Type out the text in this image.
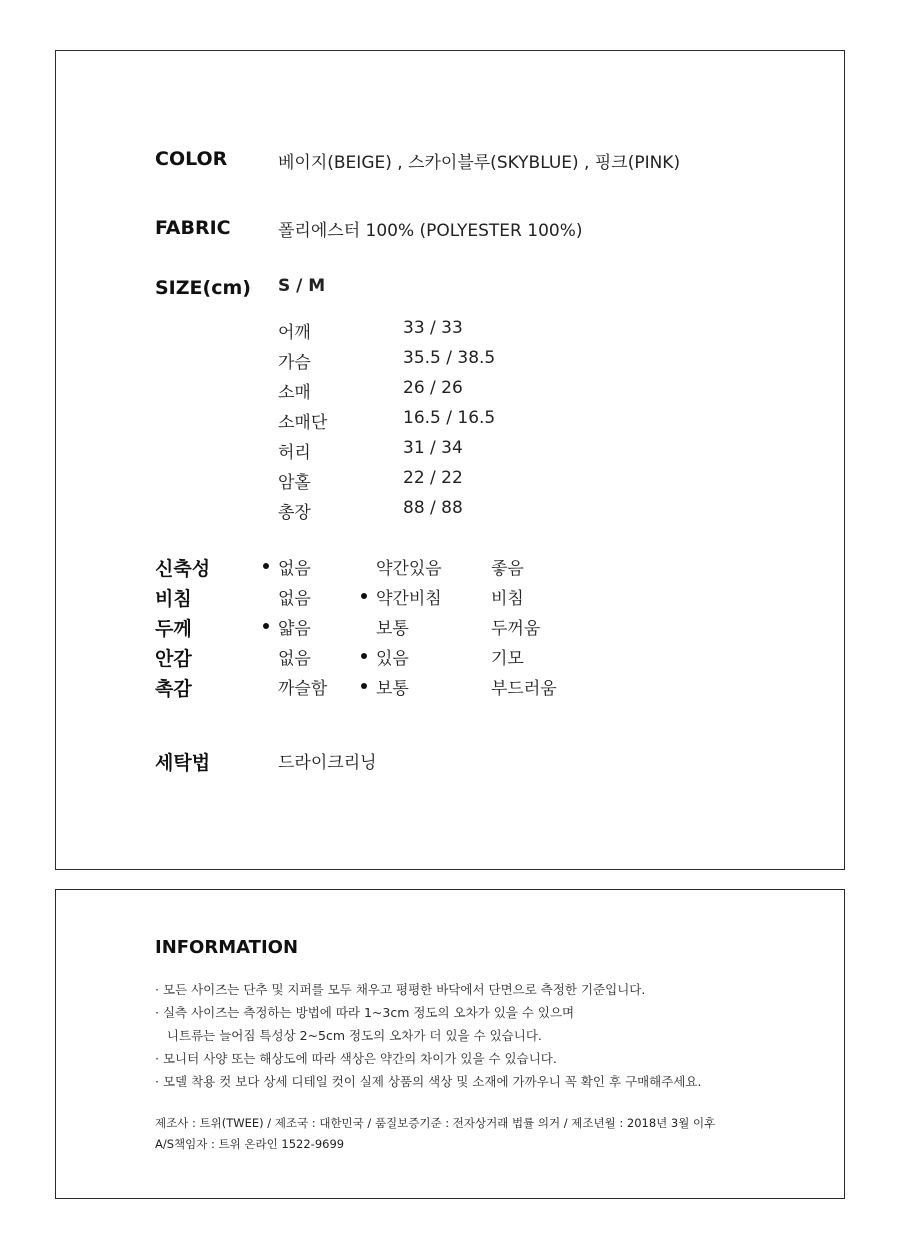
COLOR	베이지(BEIGE) , 스카이블루(SKYBLUE) , 핑크(PINK)
FABRIC	폴리에스터 100% (POLYESTER 100%)
SIZE(cm) S / M
어깨	33 / 33
가슴	35.5 / 38.5
소매	26 / 26
소매단	16.5 / 16.5
허리	31 / 34
암홀	22 / 22
총장	88 / 88
신축성	없음	약간있음	좋음
비침	없음	약간비침	비침
두께	얇음	보통	두꺼움
안감	없음	있음	기모
촉감	까슬함	보통	부드러움
세탁법	드라이크리닝
INFORMATION
· 모든 사이즈는 단추 및 지퍼를 모두 채우고 평평한 바닥에서 단면으로 측정한 기준입니다.
· 실측 사이즈는 측정하는 방법에 따라 1~3cm 정도의 오차가 있을 수 있으며
니트류는 늘어짐 특성상 2~5cm 정도의 오차가 더 있을 수 있습니다.
· 모니터 사양 또는 해상도에 따라 색상은 약간의 차이가 있을 수 있습니다.
· 모델 착용 컷 보다 상세 디테일 컷이 실제 상품의 색상 및 소재에 가까우니 꼭 확인 후 구매해주세요.
제조사 : 트위(TWEE) / 제조국 : 대한민국 / 품질보증기준 : 전자상거래 법률 의거 / 제조년월 : 2018년 3월 이후
A/S책임자 : 트위 온라인 1522-9699
